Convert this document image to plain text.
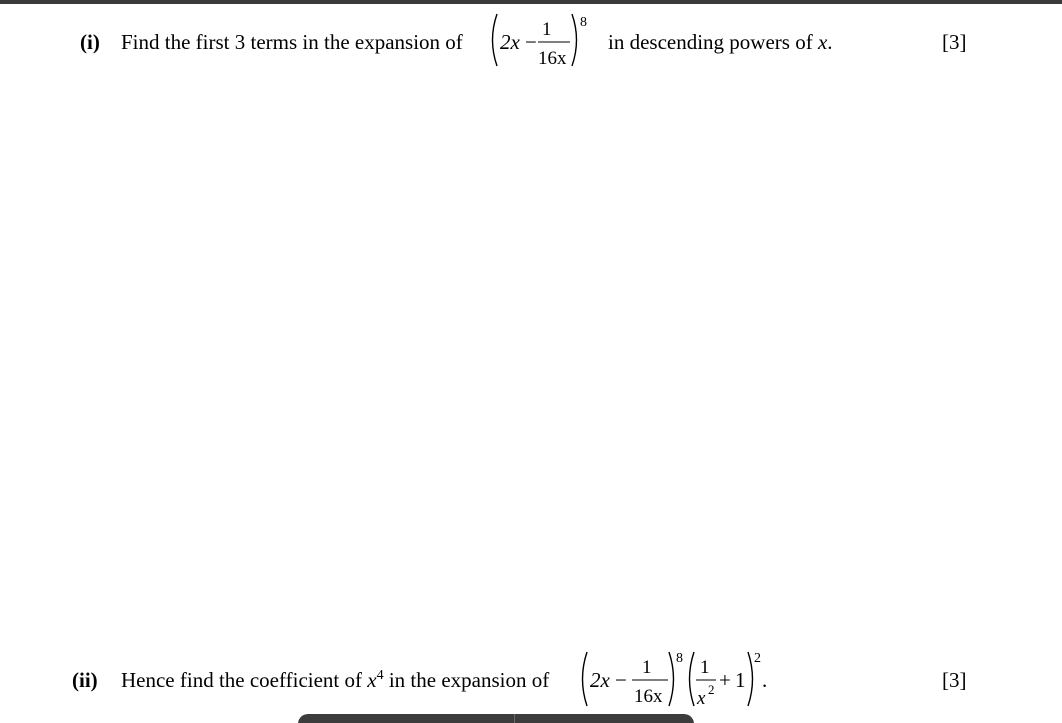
(i) Find the first 3 terms in the expansion of 2x −
1
16x
8
in descending powers of x.	[3]
(ii) Hence find the coefficient of $x^4$ in the expansion of 2x −
1
16x
8 1
x 2 + 1
2
.	[3]
